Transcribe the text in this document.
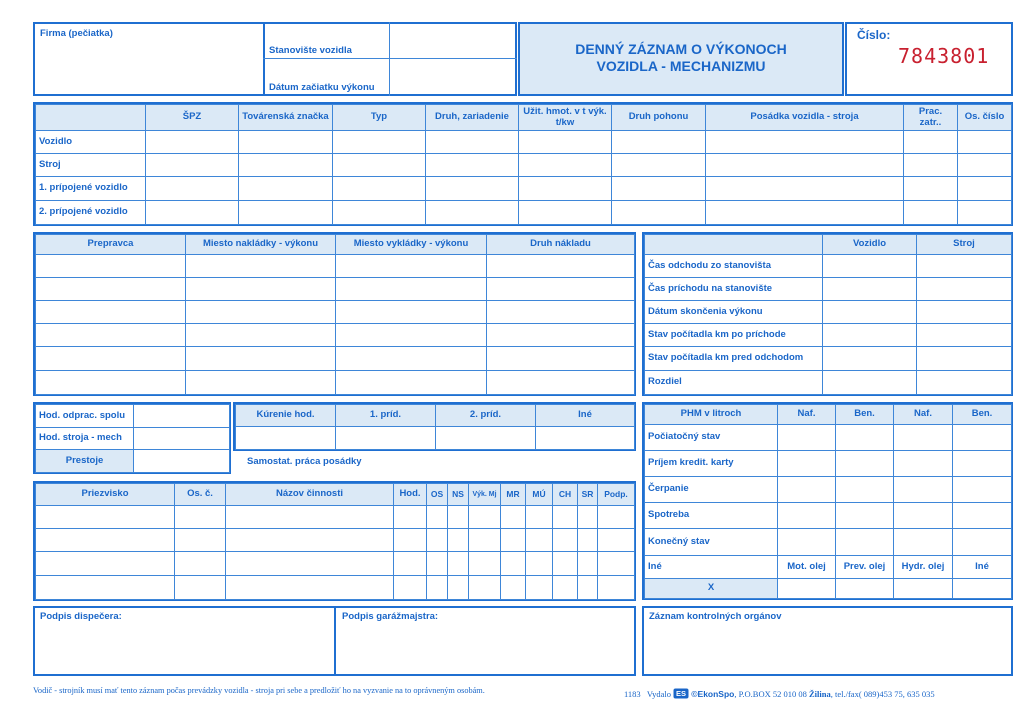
Firma (pečiatka)
Stanovište vozidla
Dátum začiatku výkonu
DENNÝ ZÁZNAM O VÝKONOCH
VOZIDLA - MECHANIZMU
Číslo:
7843801
	ŠPZ	Továrenská značka	Typ	Druh, zariadenie	Užit. hmot. v t výk. t/kw	Druh pohonu	Posádka vozidla - stroja	Prac. zatr..	Os. číslo
Vozidlo									
Stroj									
1. prípojené vozidlo									
2. prípojené vozidlo									
Prepravca	Miesto nakládky - výkonu	Miesto vykládky - výkonu	Druh nákladu

		Vozidlo	Stroj
Čas odchodu zo stanovišta		
Čas príchodu na stanovište		
Dátum skončenia výkonu		
Stav počítadla km po príchode		
Stav počítadla km pred odchodom		
Rozdiel		
Hod. odprac. spolu	
Hod. stroja - mech	
Prestoje	
Kúrenie hod.	1. príd.	2. príd.	Iné

Samostat. práca posádky
PHM v litroch	Naf.	Ben.	Naf.	Ben.
Počiatočný stav				
Príjem kredit. karty				
Čerpanie				
Spotreba				
Konečný stav				
Iné	Mot. olej	Prev. olej	Hydr. olej	Iné
X				
Priezvisko	Os. č.	Názov činnosti	Hod.	OS	NS	Výk. Mj	MR	MÚ	CH	SR	Podp.

Podpis dispečera:	Podpis garážmajstra:	Záznam kontrolných orgánov
Vodič - strojník musí mať tento záznam počas prevádzky vozidla - stroja pri sebe a predložiť ho na vyzvanie na to oprávneným osobám.	1183 Vydalo ES ©EkonSpo, P.O.BOX 52 010 08 Žilina, tel./fax( 089)453 75, 635 035
